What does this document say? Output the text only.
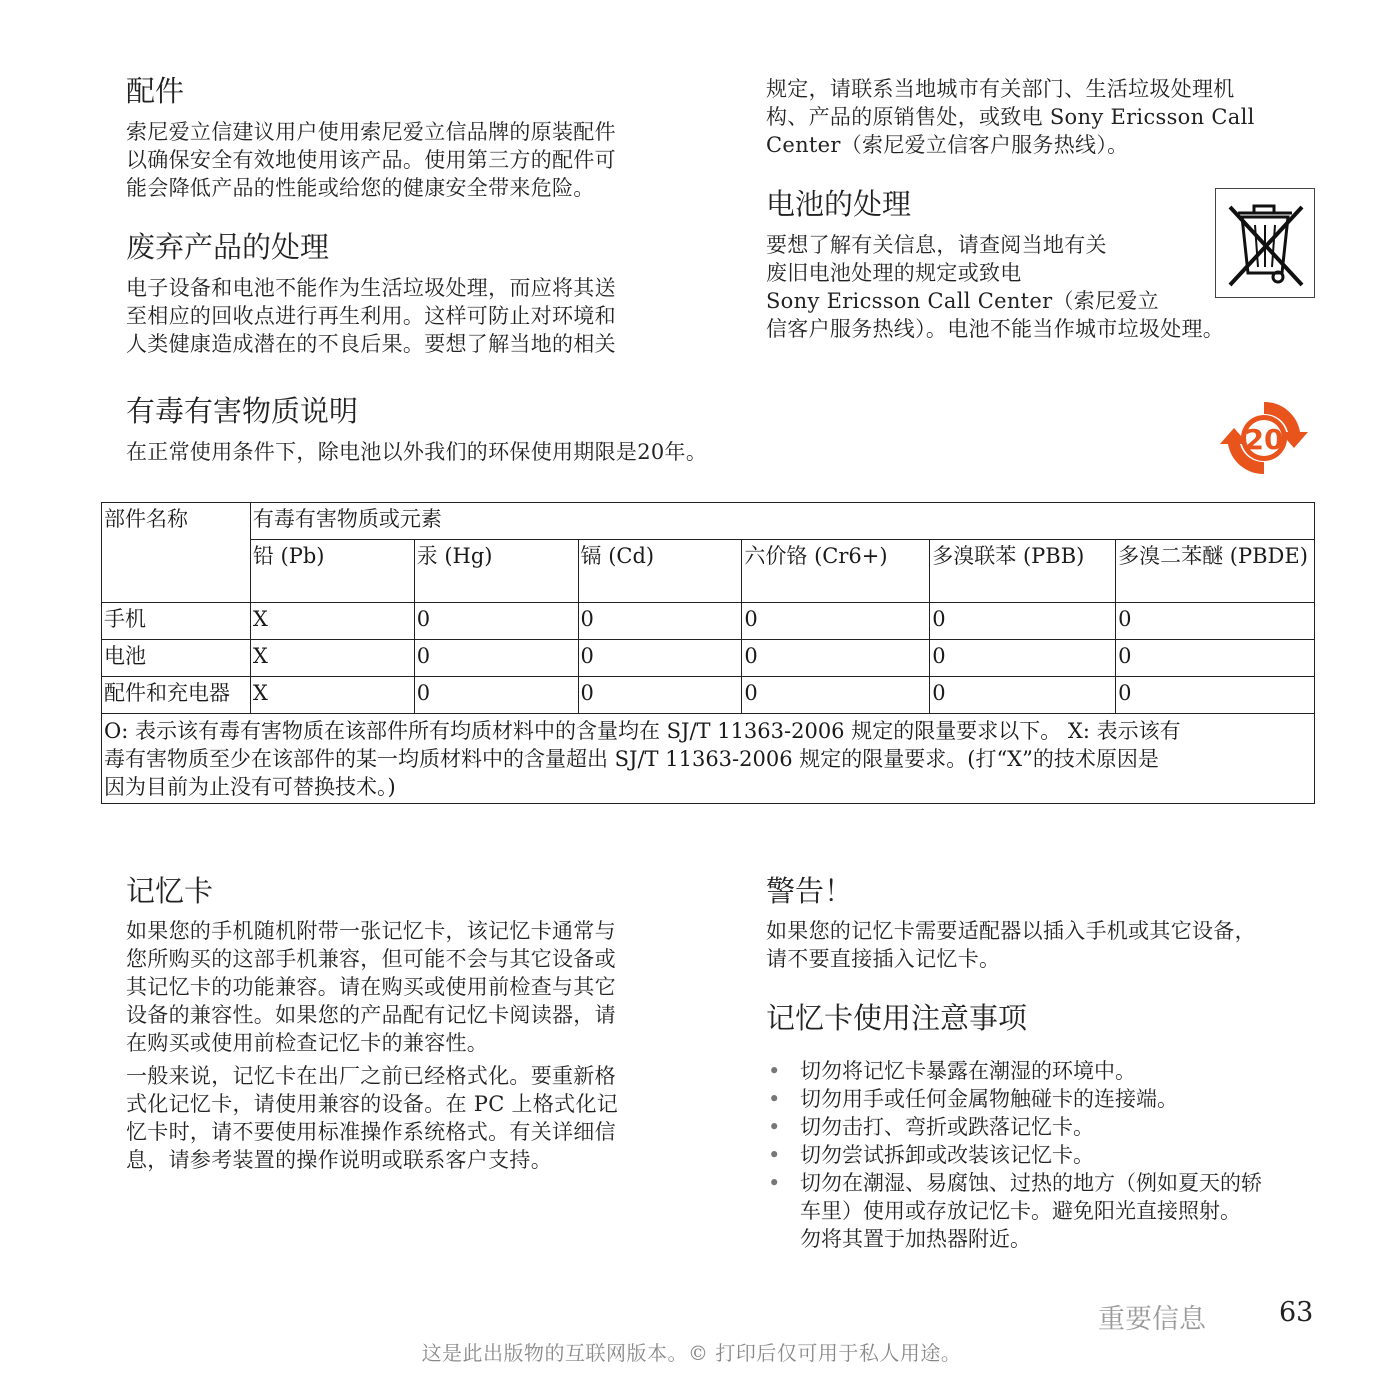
配件

索尼爱立信建议用户使用索尼爱立信品牌的原装配件

以确保安全有效地使用该产品。使用第三方的配件可

能会降低产品的性能或给您的健康安全带来危险。

废弃产品的处理

电子设备和电池不能作为生活垃圾处理，而应将其送

至相应的回收点进行再生利用。这样可防止对环境和

人类健康造成潜在的不良后果。要想了解当地的相关

规定，请联系当地城市有关部门、生活垃圾处理机

构、产品的原销售处，或致电 Sony Ericsson Call

Center（索尼爱立信客户服务热线）。

电池的处理

要想了解有关信息，请查阅当地有关

废旧电池处理的规定或致电

Sony Ericsson Call Center（索尼爱立

信客户服务热线）。电池不能当作城市垃圾处理。

有毒有害物质说明

在正常使用条件下，除电池以外我们的环保使用期限是20年。	20
部件名称	有毒有害物质或元素					
	铅 (Pb)	汞 (Hg)	镉 (Cd)	六价铬 (Cr6+)	多溴联苯 (PBB)	多溴二苯醚 (PBDE)
手机	X	0	0	0	0	0
电池	X	0	0	0	0	0
配件和充电器	X	0	0	0	0	0

O: 表示该有毒有害物质在该部件所有均质材料中的含量均在 SJ/T 11363-2006 规定的限量要求以下。 X: 表示该有
毒有害物质至少在该部件的某一均质材料中的含量超出 SJ/T 11363-2006 规定的限量要求。(打“X”的技术原因是
因为目前为止没有可替换技术。)						
记忆卡

如果您的手机随机附带一张记忆卡，该记忆卡通常与

您所购买的这部手机兼容，但可能不会与其它设备或

其记忆卡的功能兼容。请在购买或使用前检查与其它

设备的兼容性。如果您的产品配有记忆卡阅读器，请

在购买或使用前检查记忆卡的兼容性。

一般来说，记忆卡在出厂之前已经格式化。要重新格

式化记忆卡，请使用兼容的设备。在 PC 上格式化记

忆卡时，请不要使用标准操作系统格式。有关详细信

息，请参考装置的操作说明或联系客户支持。

警告！

如果您的记忆卡需要适配器以插入手机或其它设备，

请不要直接插入记忆卡。

记忆卡使用注意事项
• 切勿将记忆卡暴露在潮湿的环境中。
• 切勿用手或任何金属物触碰卡的连接端。
• 切勿击打、弯折或跌落记忆卡。
• 切勿尝试拆卸或改装该记忆卡。
• 切勿在潮湿、易腐蚀、过热的地方（例如夏天的轿
车里）使用或存放记忆卡。避免阳光直接照射。
勿将其置于加热器附近。
重要信息	63
这是此出版物的互联网版本。© 打印后仅可用于私人用途。
